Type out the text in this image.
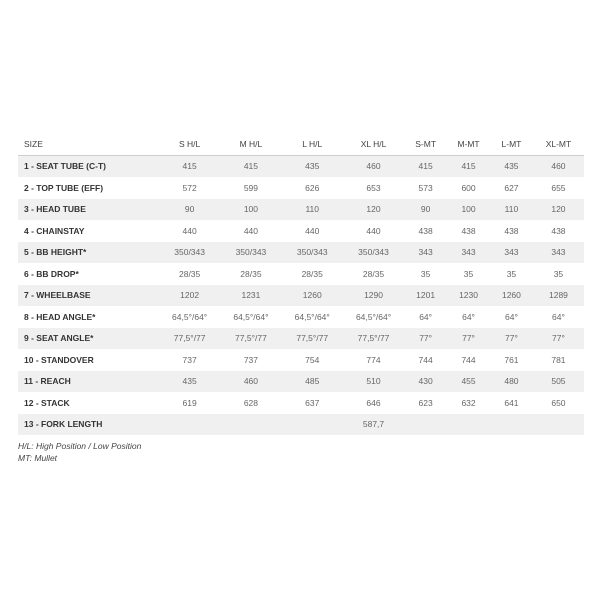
SIZE	S H/L	M H/L	L H/L	XL H/L	S-MT	M-MT	L-MT	XL-MT
1 - SEAT TUBE (C-T)	415	415	435	460	415	415	435	460
2 - TOP TUBE (EFF)	572	599	626	653	573	600	627	655
3 - HEAD TUBE	90	100	110	120	90	100	110	120
4 - CHAINSTAY	440	440	440	440	438	438	438	438
5 - BB HEIGHT*	350/343	350/343	350/343	350/343	343	343	343	343
6 - BB DROP*	28/35	28/35	28/35	28/35	35	35	35	35
7 - WHEELBASE	1202	1231	1260	1290	1201	1230	1260	1289
8 - HEAD ANGLE*	64,5°/64°	64,5°/64°	64,5°/64°	64,5°/64°	64°	64°	64°	64°
9 - SEAT ANGLE*	77,5°/77	77,5°/77	77,5°/77	77,5°/77	77°	77°	77°	77°
10 - STANDOVER	737	737	754	774	744	744	761	781
11 - REACH	435	460	485	510	430	455	480	505
12 - STACK	619	628	637	646	623	632	641	650
13 - FORK LENGTH				587,7				
H/L: High Position / Low Position
MT: Mullet
